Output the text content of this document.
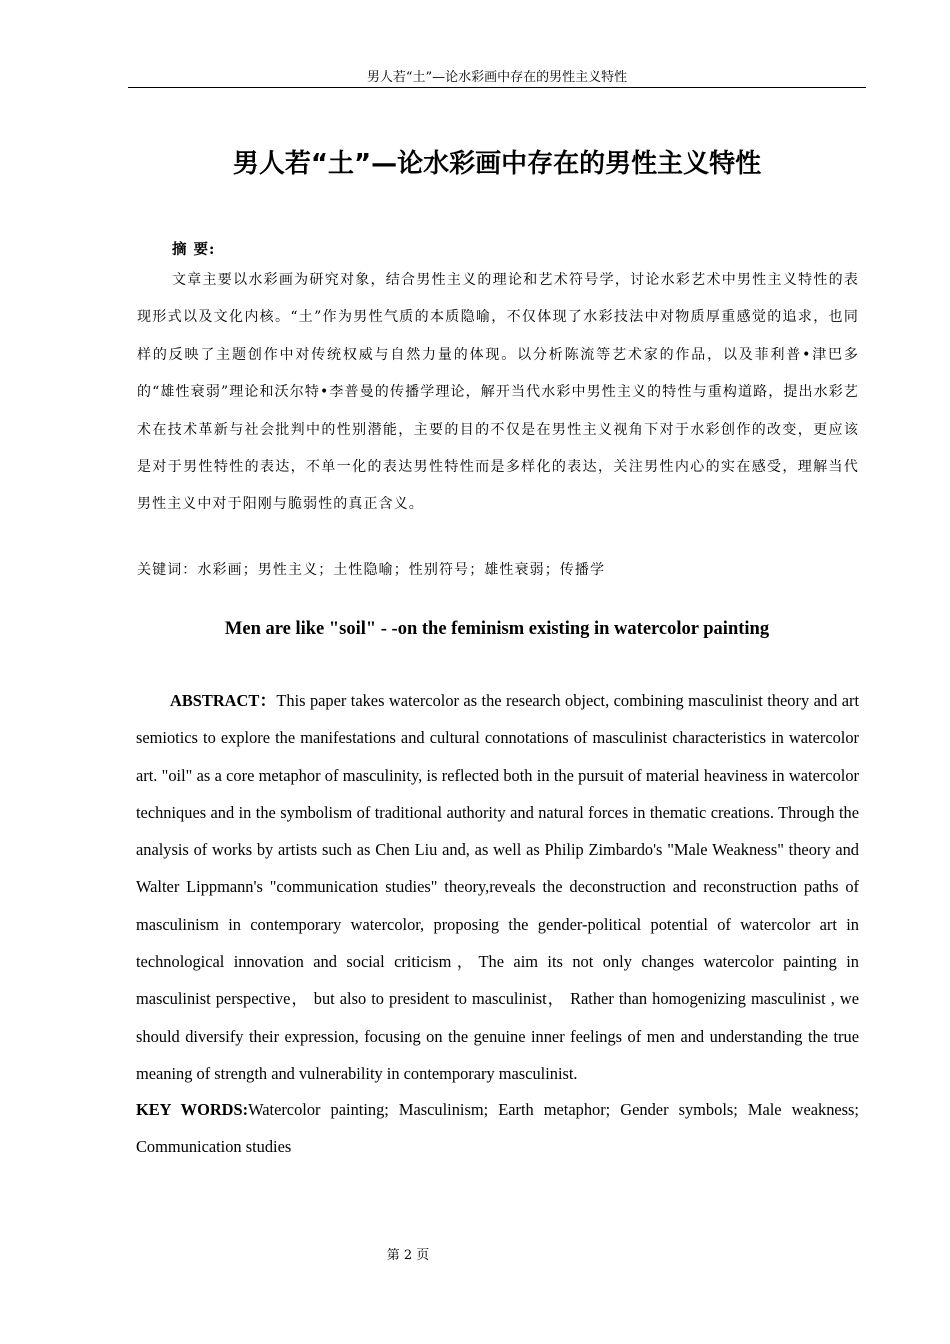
男人若“土”—论水彩画中存在的男性主义特性
男人若“土”—论水彩画中存在的男性主义特性
摘 要:

文章主要以水彩画为研究对象，结合男性主义的理论和艺术符号学，讨论水彩艺术中男性主义特性的表现形式以及文化内核。“土”作为男性气质的本质隐喻，不仅体现了水彩技法中对物质厚重感觉的追求，也同样的反映了主题创作中对传统权威与自然力量的体现。以分析陈流等艺术家的作品，以及菲利普•津巴多的“雄性衰弱”理论和沃尔特•李普曼的传播学理论，解开当代水彩中男性主义的特性与重构道路，提出水彩艺术在技术革新与社会批判中的性别潜能，主要的目的不仅是在男性主义视角下对于水彩创作的改变，更应该是对于男性特性的表达，不单一化的表达男性特性而是多样化的表达，关注男性内心的实在感受，理解当代男性主义中对于阳刚与脆弱性的真正含义。

关键词：水彩画；男性主义；土性隐喻；性别符号；雄性衰弱；传播学

Men are like "soil" - -on the feminism existing in watercolor painting

ABSTRACT：This paper takes watercolor as the research object, combining masculinist theory and art semiotics to explore the manifestations and cultural connotations of masculinist characteristics in watercolor art. "oil" as a core metaphor of masculinity, is reflected both in the pursuit of material heaviness in watercolor techniques and in the symbolism of traditional authority and natural forces in thematic creations. Through the analysis of works by artists such as Chen Liu and, as well as Philip Zimbardo's "Male Weakness" theory and Walter Lippmann's "communication studies" theory,reveals the deconstruction and reconstruction paths of masculinism in contemporary watercolor, proposing the gender-political potential of watercolor art in technological innovation and social criticism，The aim its not only changes watercolor painting in masculinist perspective， but also to president to masculinist， Rather than homogenizing masculinist , we should diversify their expression, focusing on the genuine inner feelings of men and understanding the true meaning of strength and vulnerability in contemporary masculinist.

KEY WORDS:Watercolor painting; Masculinism; Earth metaphor; Gender symbols; Male weakness; Communication studies

第 2 页
